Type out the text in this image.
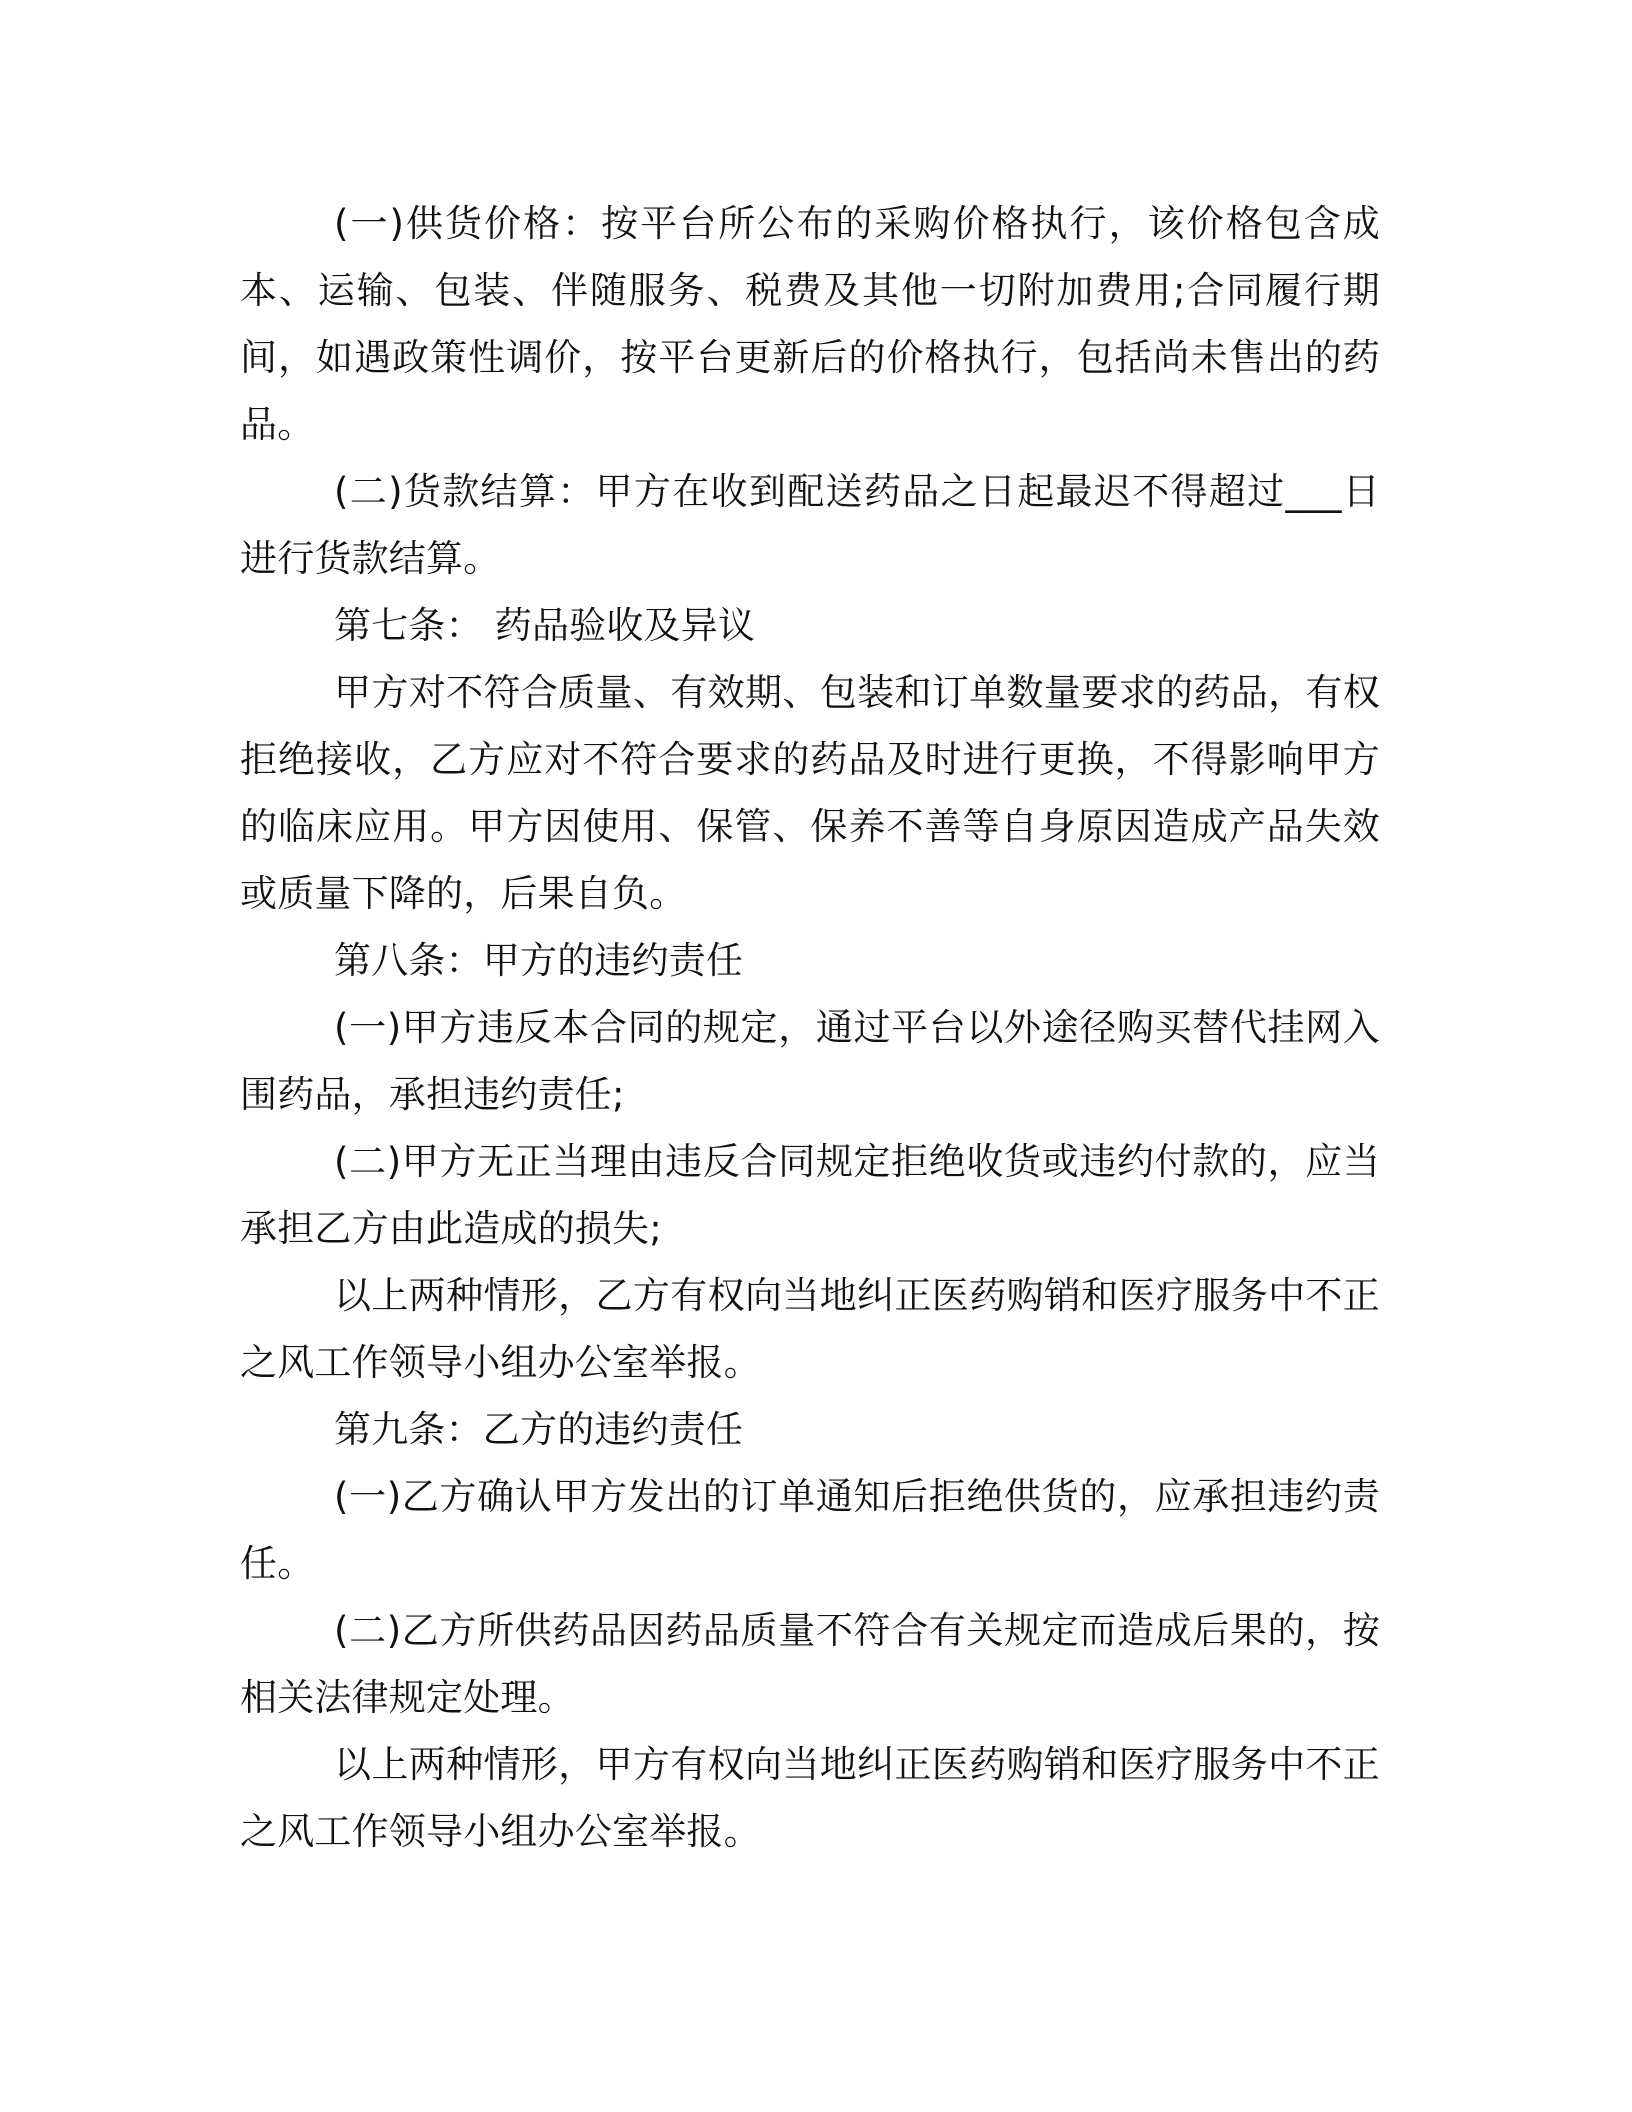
(一)供货价格：按平台所公布的采购价格执行，该价格包含成本、运输、包装、伴随服务、税费及其他一切附加费用;合同履行期间，如遇政策性调价，按平台更新后的价格执行，包括尚未售出的药品。

(二)货款结算：甲方在收到配送药品之日起最迟不得超过___日进行货款结算。

第七条： 药品验收及异议

甲方对不符合质量、有效期、包装和订单数量要求的药品，有权拒绝接收，乙方应对不符合要求的药品及时进行更换，不得影响甲方的临床应用。甲方因使用、保管、保养不善等自身原因造成产品失效或质量下降的，后果自负。

第八条：甲方的违约责任

(一)甲方违反本合同的规定，通过平台以外途径购买替代挂网入围药品，承担违约责任;

(二)甲方无正当理由违反合同规定拒绝收货或违约付款的，应当承担乙方由此造成的损失;

以上两种情形，乙方有权向当地纠正医药购销和医疗服务中不正之风工作领导小组办公室举报。

第九条：乙方的违约责任

(一)乙方确认甲方发出的订单通知后拒绝供货的，应承担违约责任。

(二)乙方所供药品因药品质量不符合有关规定而造成后果的，按相关法律规定处理。

以上两种情形，甲方有权向当地纠正医药购销和医疗服务中不正之风工作领导小组办公室举报。
